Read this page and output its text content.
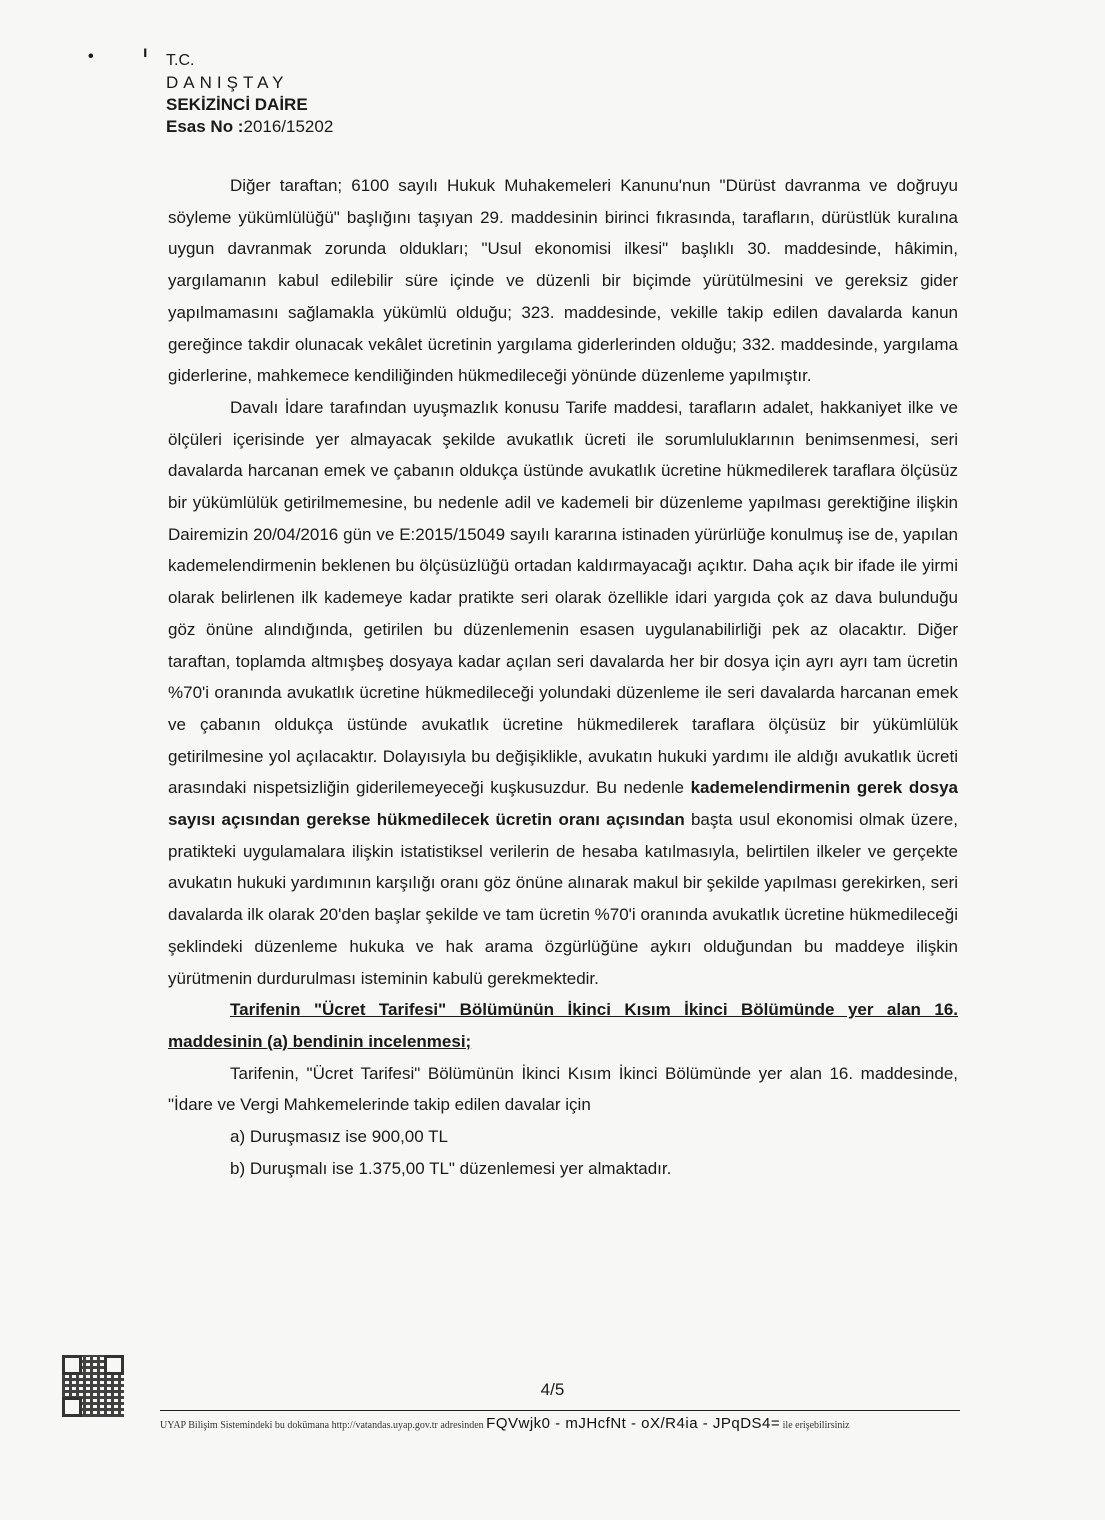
•	ı T.C.
DANIŞTAY
SEKİZİNCİ DAİRE
Esas No :2016/15202

Diğer taraftan; 6100 sayılı Hukuk Muhakemeleri Kanunu'nun "Dürüst davranma ve doğruyu söyleme yükümlülüğü" başlığını taşıyan 29. maddesinin birinci fıkrasında, tarafların, dürüstlük kuralına uygun davranmak zorunda oldukları; "Usul ekonomisi ilkesi" başlıklı 30. maddesinde, hâkimin, yargılamanın kabul edilebilir süre içinde ve düzenli bir biçimde yürütülmesini ve gereksiz gider yapılmamasını sağlamakla yükümlü olduğu; 323. maddesinde, vekille takip edilen davalarda kanun gereğince takdir olunacak vekâlet ücretinin yargılama giderlerinden olduğu; 332. maddesinde, yargılama giderlerine, mahkemece kendiliğinden hükmedileceği yönünde düzenleme yapılmıştır.

Davalı İdare tarafından uyuşmazlık konusu Tarife maddesi, tarafların adalet, hakkaniyet ilke ve ölçüleri içerisinde yer almayacak şekilde avukatlık ücreti ile sorumluluklarının benimsenmesi, seri davalarda harcanan emek ve çabanın oldukça üstünde avukatlık ücretine hükmedilerek taraflara ölçüsüz bir yükümlülük getirilmemesine, bu nedenle adil ve kademeli bir düzenleme yapılması gerektiğine ilişkin Dairemizin 20/04/2016 gün ve E:2015/15049 sayılı kararına istinaden yürürlüğe konulmuş ise de, yapılan kademelendirmenin beklenen bu ölçüsüzlüğü ortadan kaldırmayacağı açıktır. Daha açık bir ifade ile yirmi olarak belirlenen ilk kademeye kadar pratikte seri olarak özellikle idari yargıda çok az dava bulunduğu göz önüne alındığında, getirilen bu düzenlemenin esasen uygulanabilirliği pek az olacaktır. Diğer taraftan, toplamda altmışbeş dosyaya kadar açılan seri davalarda her bir dosya için ayrı ayrı tam ücretin %70'i oranında avukatlık ücretine hükmedileceği yolundaki düzenleme ile seri davalarda harcanan emek ve çabanın oldukça üstünde avukatlık ücretine hükmedilerek taraflara ölçüsüz bir yükümlülük getirilmesine yol açılacaktır. Dolayısıyla bu değişiklikle, avukatın hukuki yardımı ile aldığı avukatlık ücreti arasındaki nispetsizliğin giderilemeyeceği kuşkusuzdur. Bu nedenle kademelendirmenin gerek dosya sayısı açısından gerekse hükmedilecek ücretin oranı açısından başta usul ekonomisi olmak üzere, pratikteki uygulamalara ilişkin istatistiksel verilerin de hesaba katılmasıyla, belirtilen ilkeler ve gerçekte avukatın hukuki yardımının karşılığı oranı göz önüne alınarak makul bir şekilde yapılması gerekirken, seri davalarda ilk olarak 20'den başlar şekilde ve tam ücretin %70'i oranında avukatlık ücretine hükmedileceği şeklindeki düzenleme hukuka ve hak arama özgürlüğüne aykırı olduğundan bu maddeye ilişkin yürütmenin durdurulması isteminin kabulü gerekmektedir.

Tarifenin "Ücret Tarifesi" Bölümünün İkinci Kısım İkinci Bölümünde yer alan 16. maddesinin (a) bendinin incelenmesi;

Tarifenin, "Ücret Tarifesi" Bölümünün İkinci Kısım İkinci Bölümünde yer alan 16. maddesinde, "İdare ve Vergi Mahkemelerinde takip edilen davalar için

a) Duruşmasız ise 900,00 TL

b) Duruşmalı ise 1.375,00 TL" düzenlemesi yer almaktadır.

4/5
UYAP Bilişim Sistemindeki bu dokümana http://vatandas.uyap.gov.tr adresinden FQVwjk0 - mJHcfNt - oX/R4ia - JPqDS4= ile erişebilirsiniz
